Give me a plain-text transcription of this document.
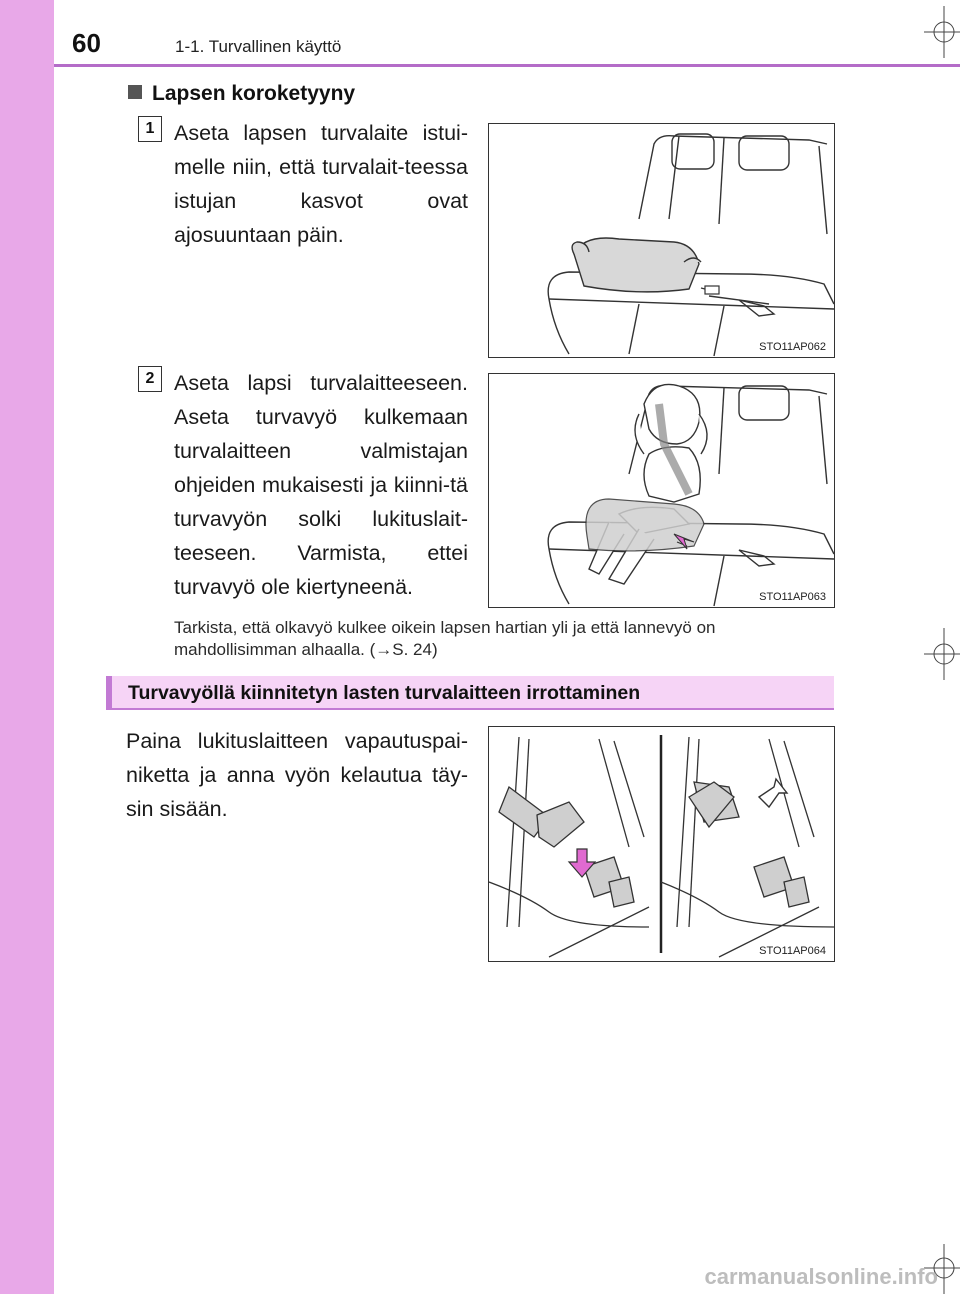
60	1-1. Turvallinen käyttö
Lapsen koroketyyny
1 Aseta lapsen turvalaite istui-melle niin, että turvalait-teessa istujan kasvot ovat ajosuuntaan päin.
STO11AP062
2 Aseta lapsi turvalaitteeseen. Aseta turvavyö kulkemaan turvalaitteen valmistajan ohjeiden mukaisesti ja kiinni-tä turvavyön solki lukituslait-teeseen. Varmista, ettei turvavyö ole kiertyneenä.	STO11AP063
Tarkista, että olkavyö kulkee oikein lapsen hartian yli ja että lannevyö on mahdollisimman alhaalla. (→S. 24)
Turvavyöllä kiinnitetyn lasten turvalaitteen irrottaminen
Paina lukituslaitteen vapautuspai-niketta ja anna vyön kelautua täy-sin sisään.
STO11AP064
carmanualsonline.info
